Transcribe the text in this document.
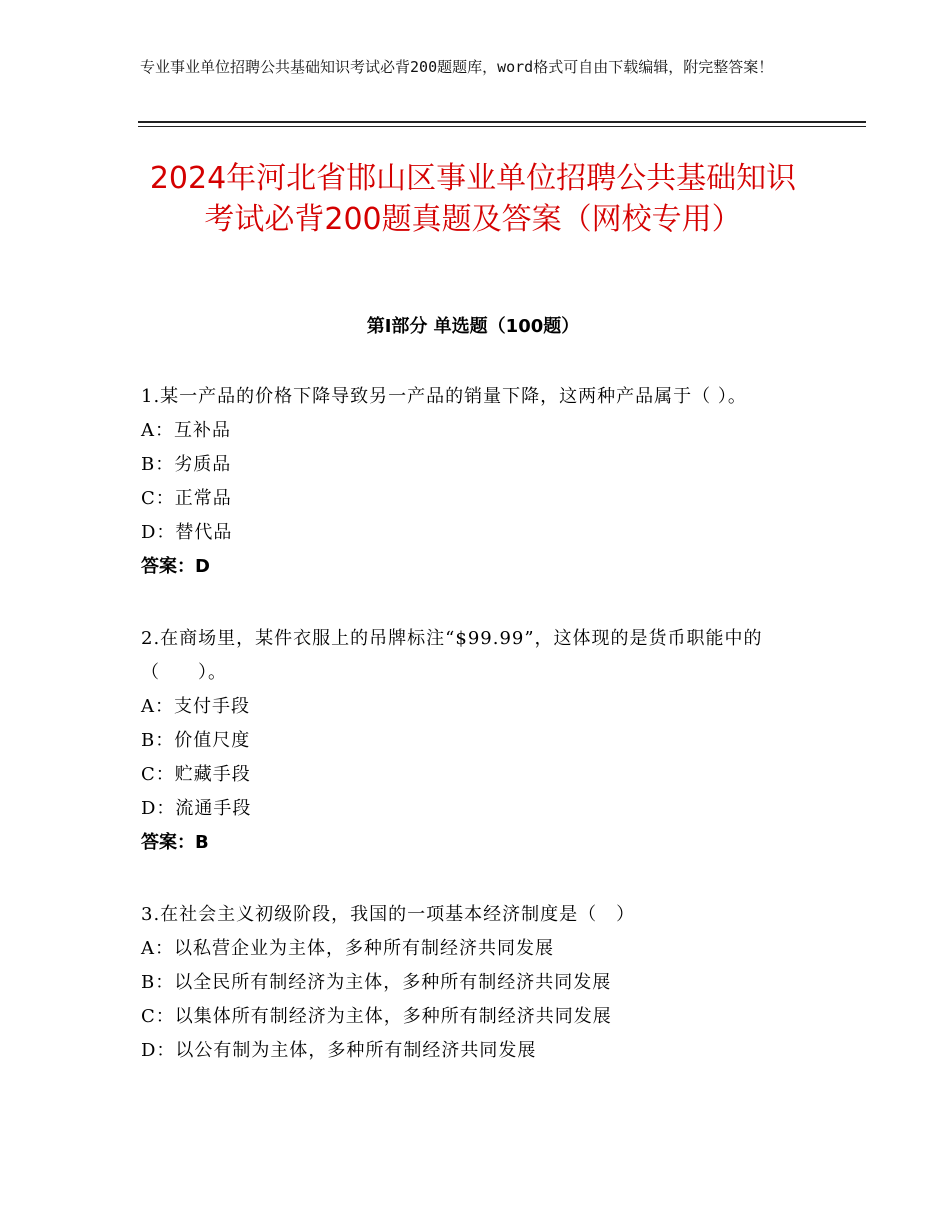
专业事业单位招聘公共基础知识考试必背200题题库，word格式可自由下载编辑，附完整答案！
2024年河北省邯山区事业单位招聘公共基础知识考试必背200题真题及答案（网校专用）
第Ⅰ部分 单选题（100题）
1.某一产品的价格下降导致另一产品的销量下降，这两种产品属于（ ）。
A：互补品
B：劣质品
C：正常品
D：替代品
答案：D
2.在商场里，某件衣服上的吊牌标注“$99.99”，这体现的是货币职能中的（　　）。
A：支付手段
B：价值尺度
C：贮藏手段
D：流通手段
答案：B
3.在社会主义初级阶段，我国的一项基本经济制度是（　）
A：以私营企业为主体，多种所有制经济共同发展
B：以全民所有制经济为主体，多种所有制经济共同发展
C：以集体所有制经济为主体，多种所有制经济共同发展
D：以公有制为主体，多种所有制经济共同发展
